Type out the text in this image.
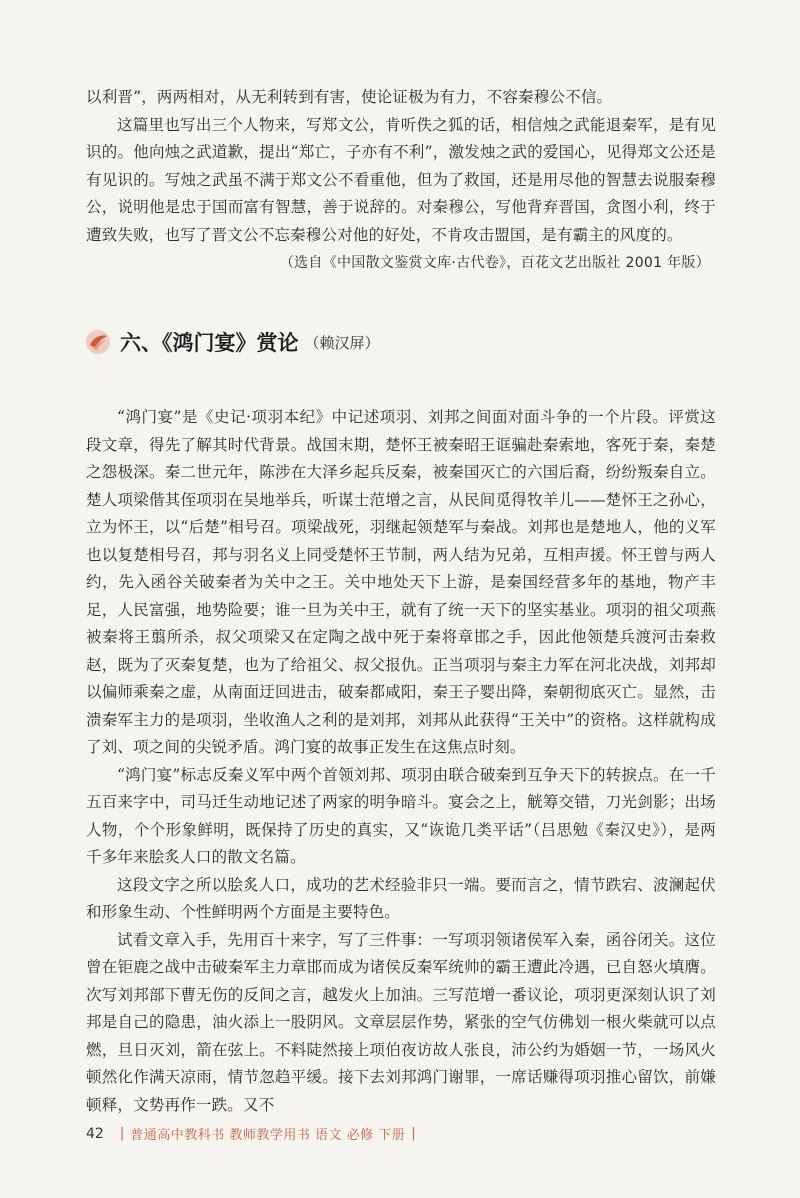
以利晋”，两两相对，从无利转到有害，使论证极为有力，不容秦穆公不信。

这篇里也写出三个人物来，写郑文公，肯听佚之狐的话，相信烛之武能退秦军，是有见识的。他向烛之武道歉，提出“郑亡，子亦有不利”，激发烛之武的爱国心，见得郑文公还是有见识的。写烛之武虽不满于郑文公不看重他，但为了救国，还是用尽他的智慧去说服秦穆公，说明他是忠于国而富有智慧，善于说辞的。对秦穆公，写他背弃晋国，贪图小利，终于遭致失败，也写了晋文公不忘秦穆公对他的好处，不肯攻击盟国，是有霸主的风度的。

（选自《中国散文鉴赏文库·古代卷》，百花文艺出版社 2001 年版）
六、《鸿门宴》赏论 （赖汉屏）

“鸿门宴”是《史记·项羽本纪》中记述项羽、刘邦之间面对面斗争的一个片段。评赏这段文章，得先了解其时代背景。战国末期，楚怀王被秦昭王诓骗赴秦索地，客死于秦，秦楚之怨极深。秦二世元年，陈涉在大泽乡起兵反秦，被秦国灭亡的六国后裔，纷纷叛秦自立。楚人项梁偕其侄项羽在吴地举兵，听谋士范增之言，从民间觅得牧羊儿——楚怀王之孙心，立为怀王，以“后楚”相号召。项梁战死，羽继起领楚军与秦战。刘邦也是楚地人，他的义军也以复楚相号召，邦与羽名义上同受楚怀王节制，两人结为兄弟，互相声援。怀王曾与两人约，先入函谷关破秦者为关中之王。关中地处天下上游，是秦国经营多年的基地，物产丰足，人民富强，地势险要；谁一旦为关中王，就有了统一天下的坚实基业。项羽的祖父项燕被秦将王翦所杀，叔父项梁又在定陶之战中死于秦将章邯之手，因此他领楚兵渡河击秦救赵，既为了灭秦复楚，也为了给祖父、叔父报仇。正当项羽与秦主力军在河北决战，刘邦却以偏师乘秦之虚，从南面迂回进击，破秦都咸阳，秦王子婴出降，秦朝彻底灭亡。显然，击溃秦军主力的是项羽，坐收渔人之利的是刘邦，刘邦从此获得“王关中”的资格。这样就构成了刘、项之间的尖锐矛盾。鸿门宴的故事正发生在这焦点时刻。

“鸿门宴”标志反秦义军中两个首领刘邦、项羽由联合破秦到互争天下的转捩点。在一千五百来字中，司马迁生动地记述了两家的明争暗斗。宴会之上，觥筹交错，刀光剑影；出场人物，个个形象鲜明，既保持了历史的真实，又“诙诡几类平话”（吕思勉《秦汉史》），是两千多年来脍炙人口的散文名篇。

这段文字之所以脍炙人口，成功的艺术经验非只一端。要而言之，情节跌宕、波澜起伏和形象生动、个性鲜明两个方面是主要特色。

试看文章入手，先用百十来字，写了三件事：一写项羽领诸侯军入秦，函谷闭关。这位曾在钜鹿之战中击破秦军主力章邯而成为诸侯反秦军统帅的霸王遭此冷遇，已自怒火填膺。次写刘邦部下曹无伤的反间之言，越发火上加油。三写范增一番议论，项羽更深刻认识了刘邦是自己的隐患，油火添上一股阴风。文章层层作势，紧张的空气仿佛划一根火柴就可以点燃，旦日灭刘，箭在弦上。不料陡然接上项伯夜访故人张良，沛公约为婚姻一节，一场风火顿然化作满天凉雨，情节忽趋平缓。接下去刘邦鸿门谢罪，一席话赚得项羽推心留饮，前嫌顿释，文势再作一跌。又不

42 | 普通高中教科书 教师教学用书 语文 必修 下册 |
